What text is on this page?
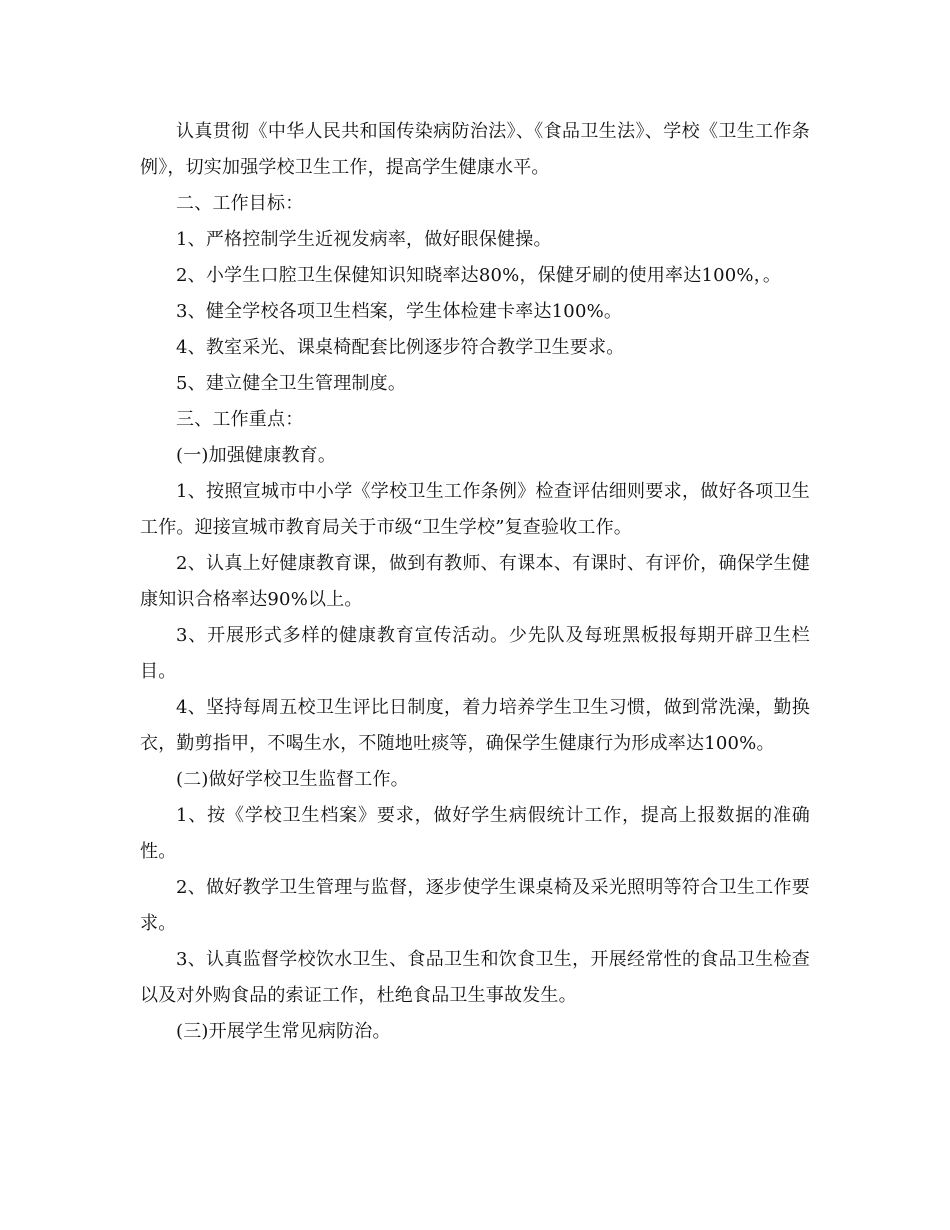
认真贯彻《中华人民共和国传染病防治法》、《食品卫生法》、学校《卫生工作条例》，切实加强学校卫生工作，提高学生健康水平。

二、工作目标：

1、严格控制学生近视发病率，做好眼保健操。

2、小学生口腔卫生保健知识知晓率达80%，保健牙刷的使用率达100%，。

3、健全学校各项卫生档案，学生体检建卡率达100%。

4、教室采光、课桌椅配套比例逐步符合教学卫生要求。

5、建立健全卫生管理制度。

三、工作重点：

(一)加强健康教育。

1、按照宣城市中小学《学校卫生工作条例》检查评估细则要求，做好各项卫生工作。迎接宣城市教育局关于市级“卫生学校”复查验收工作。

2、认真上好健康教育课，做到有教师、有课本、有课时、有评价，确保学生健康知识合格率达90%以上。

3、开展形式多样的健康教育宣传活动。少先队及每班黑板报每期开辟卫生栏目。

4、坚持每周五校卫生评比日制度，着力培养学生卫生习惯，做到常洗澡，勤换衣，勤剪指甲，不喝生水，不随地吐痰等，确保学生健康行为形成率达100%。

(二)做好学校卫生监督工作。

1、按《学校卫生档案》要求，做好学生病假统计工作，提高上报数据的准确性。

2、做好教学卫生管理与监督，逐步使学生课桌椅及采光照明等符合卫生工作要求。

3、认真监督学校饮水卫生、食品卫生和饮食卫生，开展经常性的食品卫生检查以及对外购食品的索证工作，杜绝食品卫生事故发生。

(三)开展学生常见病防治。
